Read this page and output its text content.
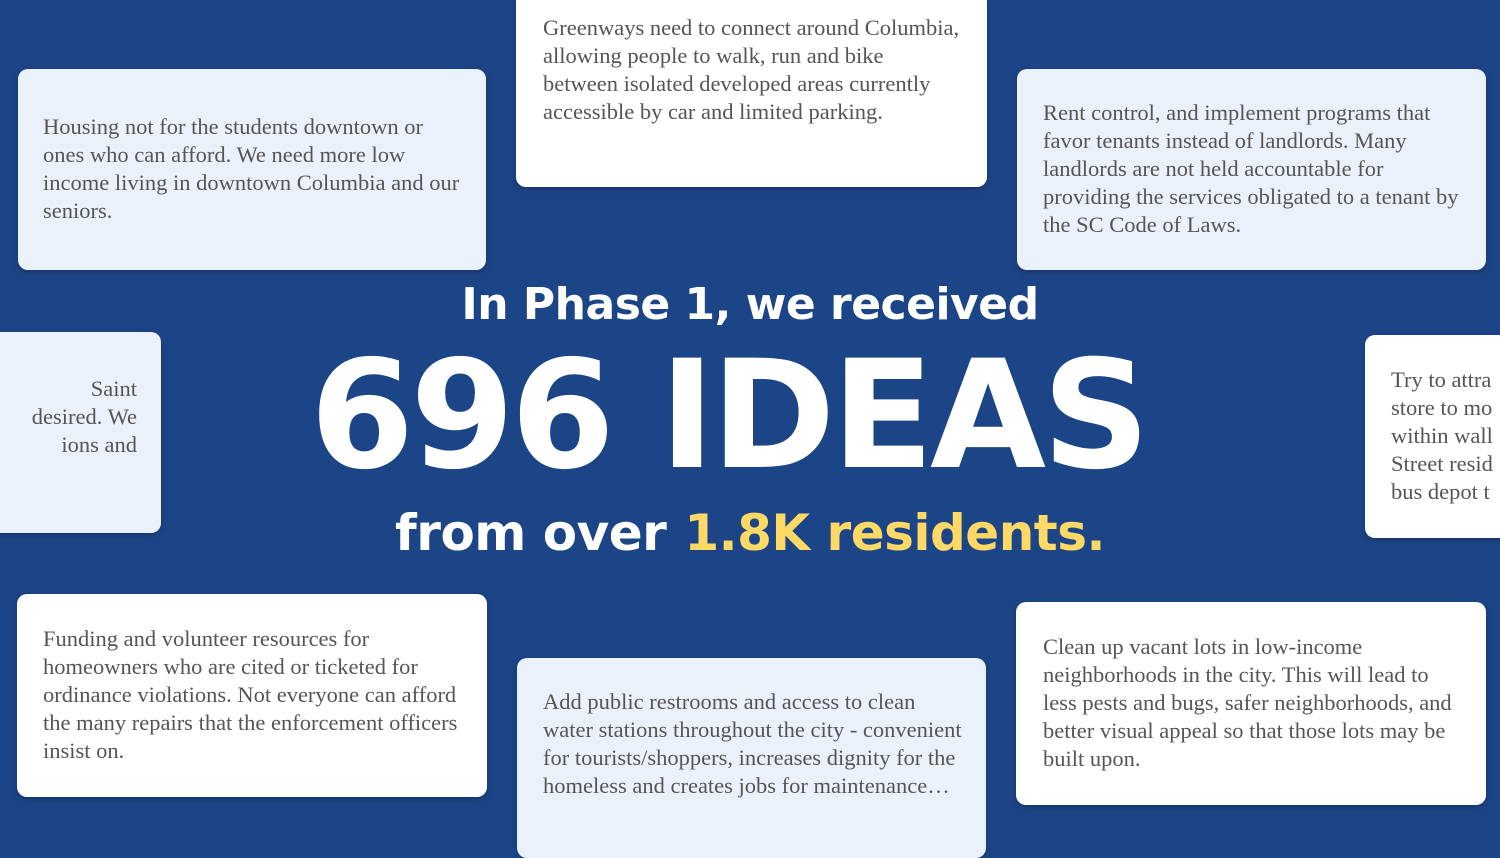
Housing not for the students downtown or ones who can afford. We need more low income living in downtown Columbia and our seniors.

Greenways need to connect around Columbia, allowing people to walk, run and bike between isolated developed areas currently accessible by car and limited parking.	Rent control, and implement programs that favor tenants instead of landlords. Many landlords are not held accountable for providing the services obligated to a tenant by the SC Code of Laws.

Saint
desired. We
ions and

Try to attra
store to mo
within wall
Street resid
bus depot t

Funding and volunteer resources for homeowners who are cited or ticketed for ordinance violations. Not everyone can afford the many repairs that the enforcement officers insist on.

Add public restrooms and access to clean water stations throughout the city - convenient for tourists/shoppers, increases dignity for the homeless and creates jobs for maintenance…

Clean up vacant lots in low-income neighborhoods in the city. This will lead to less pests and bugs, safer neighborhoods, and better visual appeal so that those lots may be built upon.

In Phase 1, we received
696 IDEAS
from over 1.8K residents.
